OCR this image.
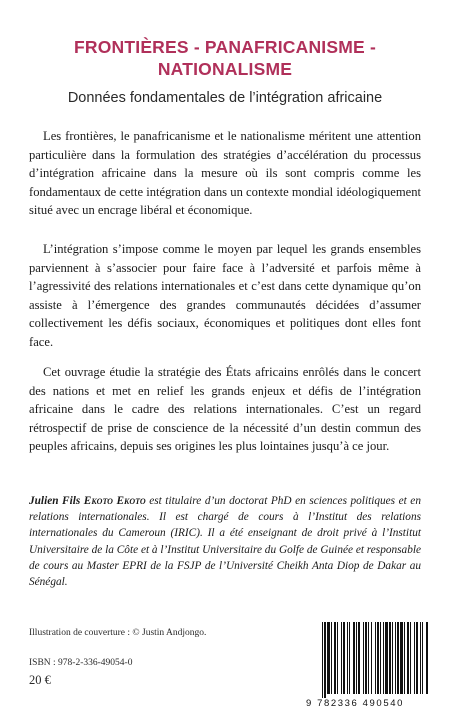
FRONTIÈRES - PANAFRICANISME -
NATIONALISME
Données fondamentales de l’intégration africaine

Les frontières, le panafricanisme et le nationalisme méritent une attention particulière dans la formulation des stratégies d’accélération du processus d’intégration africaine dans la mesure où ils sont compris comme les fondamentaux de cette intégration dans un contexte mondial idéologiquement situé avec un encrage libéral et économique.

L’intégration s’impose comme le moyen par lequel les grands ensembles parviennent à s’associer pour faire face à l’adversité et parfois même à l’agressivité des relations internationales et c’est dans cette dynamique qu’on assiste à l’émergence des grandes communautés décidées d’assumer collectivement les défis sociaux, économiques et politiques dont elles font face.

Cet ouvrage étudie la stratégie des États africains enrôlés dans le concert des nations et met en relief les grands enjeux et défis de l’intégration africaine dans le cadre des relations internationales. C’est un regard rétrospectif de prise de conscience de la nécessité d’un destin commun des peuples africains, depuis ses origines les plus lointaines jusqu’à ce jour.

Julien Fils Ekoto Ekoto est titulaire d’un doctorat PhD en sciences politiques et en relations internationales. Il est chargé de cours à l’Institut des relations internationales du Cameroun (IRIC). Il a été enseignant de droit privé à l’Institut Universitaire de la Côte et à l’Institut Universitaire du Golfe de Guinée et responsable de cours au Master EPRI de la FSJP de l’Université Cheikh Anta Diop de Dakar au Sénégal.

Illustration de couverture : © Justin Andjongo.
ISBN : 978-2-336-49054-0
20 €
9 782336 490540
